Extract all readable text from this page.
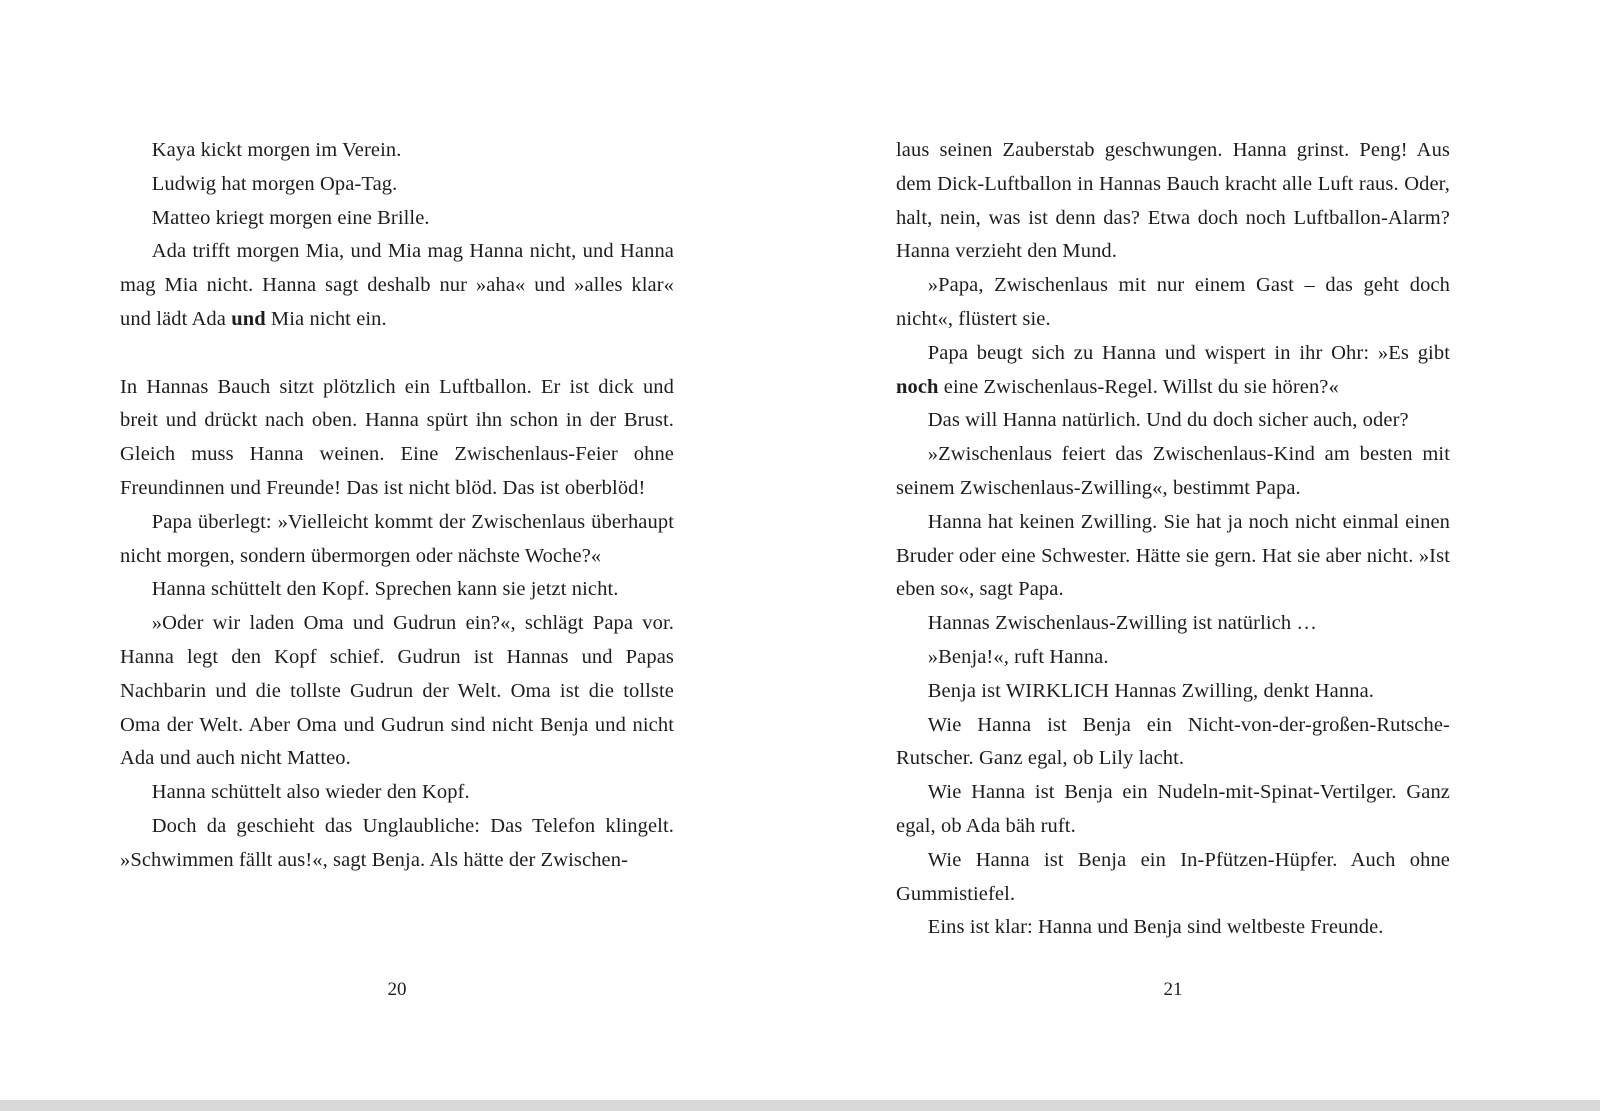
Kaya kickt morgen im Verein.

Ludwig hat morgen Opa-Tag.

Matteo kriegt morgen eine Brille.

Ada trifft morgen Mia, und Mia mag Hanna nicht, und Hanna mag Mia nicht. Hanna sagt deshalb nur »aha« und »alles klar« und lädt Ada und Mia nicht ein.

In Hannas Bauch sitzt plötzlich ein Luftballon. Er ist dick und breit und drückt nach oben. Hanna spürt ihn schon in der Brust. Gleich muss Hanna weinen. Eine Zwischenlaus-Feier ohne Freundinnen und Freunde! Das ist nicht blöd. Das ist oberblöd!

Papa überlegt: »Vielleicht kommt der Zwischenlaus überhaupt nicht morgen, sondern übermorgen oder nächste Woche?«

Hanna schüttelt den Kopf. Sprechen kann sie jetzt nicht.

»Oder wir laden Oma und Gudrun ein?«, schlägt Papa vor. Hanna legt den Kopf schief. Gudrun ist Hannas und Papas Nachbarin und die tollste Gudrun der Welt. Oma ist die tollste Oma der Welt. Aber Oma und Gudrun sind nicht Benja und nicht Ada und auch nicht Matteo.

Hanna schüttelt also wieder den Kopf.

Doch da geschieht das Unglaubliche: Das Telefon klingelt. »Schwimmen fällt aus!«, sagt Benja. Als hätte der Zwischen-

20

laus seinen Zauberstab geschwungen. Hanna grinst. Peng! Aus dem Dick-Luftballon in Hannas Bauch kracht alle Luft raus. Oder, halt, nein, was ist denn das? Etwa doch noch Luftballon-Alarm? Hanna verzieht den Mund.

»Papa, Zwischenlaus mit nur einem Gast – das geht doch nicht«, flüstert sie.

Papa beugt sich zu Hanna und wispert in ihr Ohr: »Es gibt noch eine Zwischenlaus-Regel. Willst du sie hören?«

Das will Hanna natürlich. Und du doch sicher auch, oder?

»Zwischenlaus feiert das Zwischenlaus-Kind am besten mit seinem Zwischenlaus-Zwilling«, bestimmt Papa.

Hanna hat keinen Zwilling. Sie hat ja noch nicht einmal einen Bruder oder eine Schwester. Hätte sie gern. Hat sie aber nicht. »Ist eben so«, sagt Papa.

Hannas Zwischenlaus-Zwilling ist natürlich …

»Benja!«, ruft Hanna.

Benja ist WIRKLICH Hannas Zwilling, denkt Hanna.

Wie Hanna ist Benja ein Nicht-von-der-großen-Rutsche-Rutscher. Ganz egal, ob Lily lacht.

Wie Hanna ist Benja ein Nudeln-mit-Spinat-Vertilger. Ganz egal, ob Ada bäh ruft.

Wie Hanna ist Benja ein In-Pfützen-Hüpfer. Auch ohne Gummistiefel.

Eins ist klar: Hanna und Benja sind weltbeste Freunde.

21
